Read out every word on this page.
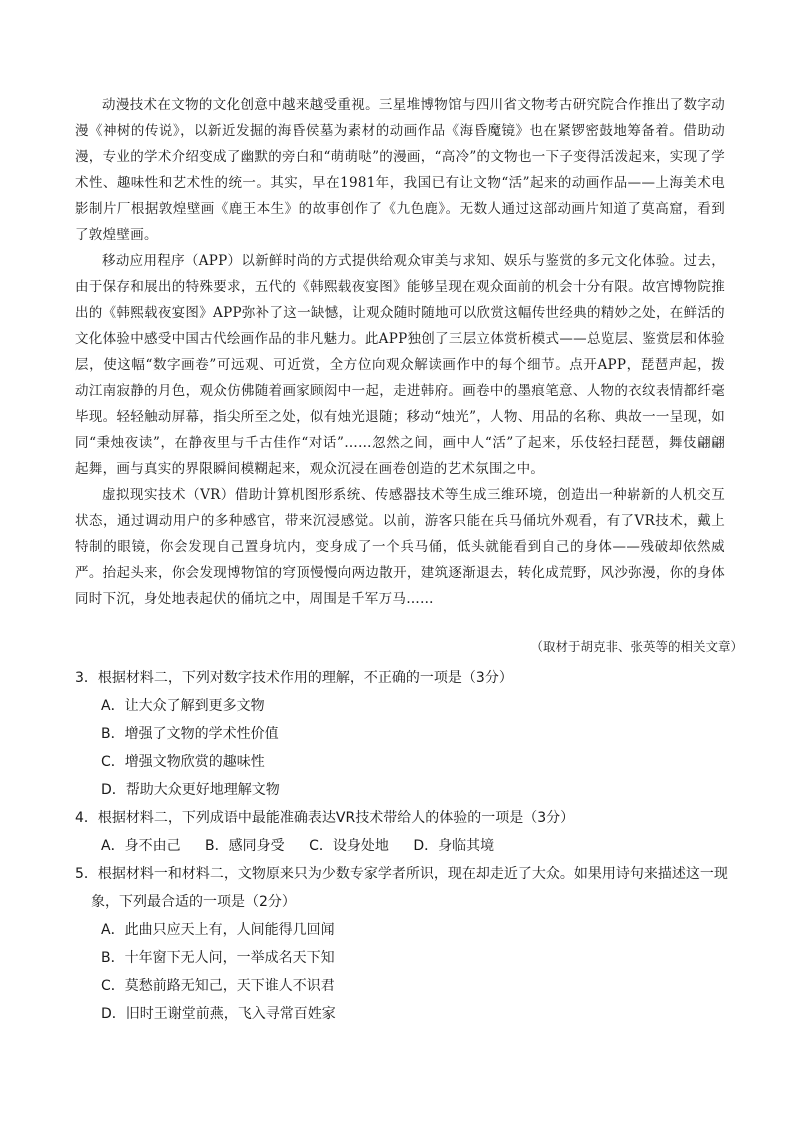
动漫技术在文物的文化创意中越来越受重视。三星堆博物馆与四川省文物考古研究院合作推出了数字动漫《神树的传说》，以新近发掘的海昏侯墓为素材的动画作品《海昏魔镜》也在紧锣密鼓地筹备着。借助动漫，专业的学术介绍变成了幽默的旁白和“萌萌哒”的漫画，“高冷”的文物也一下子变得活泼起来，实现了学术性、趣味性和艺术性的统一。其实，早在1981年，我国已有让文物“活”起来的动画作品——上海美术电影制片厂根据敦煌壁画《鹿王本生》的故事创作了《九色鹿》。无数人通过这部动画片知道了莫高窟，看到了敦煌壁画。

移动应用程序（APP）以新鲜时尚的方式提供给观众审美与求知、娱乐与鉴赏的多元文化体验。过去，由于保存和展出的特殊要求，五代的《韩熙载夜宴图》能够呈现在观众面前的机会十分有限。故宫博物院推出的《韩熙载夜宴图》APP弥补了这一缺憾，让观众随时随地可以欣赏这幅传世经典的精妙之处，在鲜活的文化体验中感受中国古代绘画作品的非凡魅力。此APP独创了三层立体赏析模式——总览层、鉴赏层和体验层，使这幅“数字画卷”可远观、可近赏，全方位向观众解读画作中的每个细节。点开APP，琵琶声起，拨动江南寂静的月色，观众仿佛随着画家顾闳中一起，走进韩府。画卷中的墨痕笔意、人物的衣纹表情都纤毫毕现。轻轻触动屏幕，指尖所至之处，似有烛光退随；移动“烛光”，人物、用品的名称、典故一一呈现，如同“秉烛夜读”，在静夜里与千古佳作“对话”……忽然之间，画中人“活”了起来，乐伎轻扫琵琶，舞伎翩翩起舞，画与真实的界限瞬间模糊起来，观众沉浸在画卷创造的艺术氛围之中。

虚拟现实技术（VR）借助计算机图形系统、传感器技术等生成三维环境，创造出一种崭新的人机交互状态，通过调动用户的多种感官，带来沉浸感觉。以前，游客只能在兵马俑坑外观看，有了VR技术，戴上特制的眼镜，你会发现自己置身坑内，变身成了一个兵马俑，低头就能看到自己的身体——残破却依然威严。抬起头来，你会发现博物馆的穹顶慢慢向两边散开，建筑逐渐退去，转化成荒野，风沙弥漫，你的身体同时下沉，身处地表起伏的俑坑之中，周围是千军万马……

（取材于胡克非、张英等的相关文章）
3．根据材料二，下列对数字技术作用的理解，不正确的一项是（3分）
A．让大众了解到更多文物
B．增强了文物的学术性价值
C．增强文物欣赏的趣味性
D．帮助大众更好地理解文物
4．根据材料二，下列成语中最能准确表达VR技术带给人的体验的一项是（3分）
A．身不由己 B．感同身受 C．设身处地 D．身临其境
5．根据材料一和材料二，文物原来只为少数专家学者所识，现在却走近了大众。如果用诗句来描述这一现
象，下列最合适的一项是（2分）
A．此曲只应天上有，人间能得几回闻
B．十年窗下无人问，一举成名天下知
C．莫愁前路无知己，天下谁人不识君
D．旧时王谢堂前燕，飞入寻常百姓家
